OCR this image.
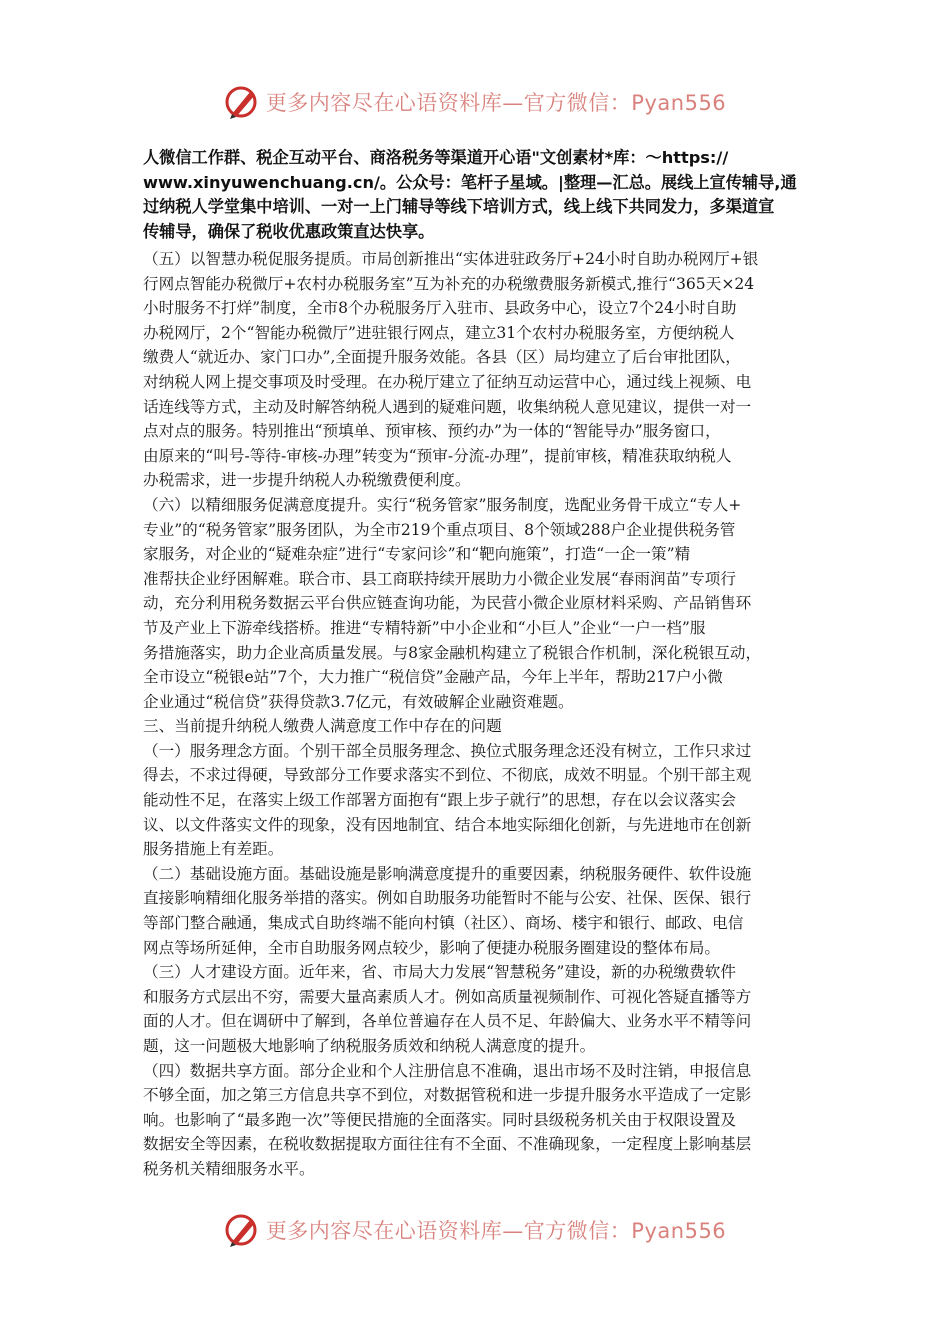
更多内容尽在心语资料库—官方微信：Pyan556
人微信工作群、税企互动平台、商洛税务等渠道开心语"文创素材*库：～https://
www.xinyuwenchuang.cn/。公众号：笔杆子星域。|整理—汇总。展线上宣传辅导,通
过纳税人学堂集中培训、一对一上门辅导等线下培训方式，线上线下共同发力，多渠道宣
传辅导，确保了税收优惠政策直达快享。
（五）以智慧办税促服务提质。市局创新推出“实体进驻政务厅+24小时自助办税网厅+银
行网点智能办税微厅+农村办税服务室”互为补充的办税缴费服务新模式,推行“365天×24
小时服务不打烊”制度，全市8个办税服务厅入驻市、县政务中心，设立7个24小时自助
办税网厅，2个“智能办税微厅”进驻银行网点，建立31个农村办税服务室，方便纳税人
缴费人“就近办、家门口办”,全面提升服务效能。各县（区）局均建立了后台审批团队，
对纳税人网上提交事项及时受理。在办税厅建立了征纳互动运营中心，通过线上视频、电
话连线等方式，主动及时解答纳税人遇到的疑难问题，收集纳税人意见建议，提供一对一
点对点的服务。特别推出“预填单、预审核、预约办”为一体的“智能导办”服务窗口，
由原来的“叫号-等待-审核-办理”转变为“预审-分流-办理”，提前审核，精准获取纳税人
办税需求，进一步提升纳税人办税缴费便利度。
（六）以精细服务促满意度提升。实行“税务管家”服务制度，选配业务骨干成立“专人+
专业”的“税务管家”服务团队，为全市219个重点项目、8个领域288户企业提供税务管
家服务，对企业的“疑难杂症”进行“专家问诊”和“靶向施策”，打造“一企一策”精
准帮扶企业纾困解难。联合市、县工商联持续开展助力小微企业发展“春雨润苗”专项行
动，充分利用税务数据云平台供应链查询功能，为民营小微企业原材料采购、产品销售环
节及产业上下游牵线搭桥。推进“专精特新”中小企业和“小巨人”企业“一户一档”服
务措施落实，助力企业高质量发展。与8家金融机构建立了税银合作机制，深化税银互动，
全市设立“税银e站”7个，大力推广“税信贷”金融产品，今年上半年，帮助217户小微
企业通过“税信贷”获得贷款3.7亿元，有效破解企业融资难题。
三、当前提升纳税人缴费人满意度工作中存在的问题
（一）服务理念方面。个别干部全员服务理念、换位式服务理念还没有树立，工作只求过
得去，不求过得硬，导致部分工作要求落实不到位、不彻底，成效不明显。个别干部主观
能动性不足，在落实上级工作部署方面抱有“跟上步子就行”的思想，存在以会议落实会
议、以文件落实文件的现象，没有因地制宜、结合本地实际细化创新，与先进地市在创新
服务措施上有差距。
（二）基础设施方面。基础设施是影响满意度提升的重要因素，纳税服务硬件、软件设施
直接影响精细化服务举措的落实。例如自助服务功能暂时不能与公安、社保、医保、银行
等部门整合融通，集成式自助终端不能向村镇（社区）、商场、楼宇和银行、邮政、电信
网点等场所延伸，全市自助服务网点较少，影响了便捷办税服务圈建设的整体布局。
（三）人才建设方面。近年来，省、市局大力发展“智慧税务”建设，新的办税缴费软件
和服务方式层出不穷，需要大量高素质人才。例如高质量视频制作、可视化答疑直播等方
面的人才。但在调研中了解到，各单位普遍存在人员不足、年龄偏大、业务水平不精等问
题，这一问题极大地影响了纳税服务质效和纳税人满意度的提升。
（四）数据共享方面。部分企业和个人注册信息不准确，退出市场不及时注销，申报信息
不够全面，加之第三方信息共享不到位，对数据管税和进一步提升服务水平造成了一定影
响。也影响了“最多跑一次”等便民措施的全面落实。同时县级税务机关由于权限设置及
数据安全等因素，在税收数据提取方面往往有不全面、不准确现象，一定程度上影响基层
税务机关精细服务水平。
更多内容尽在心语资料库—官方微信：Pyan556
